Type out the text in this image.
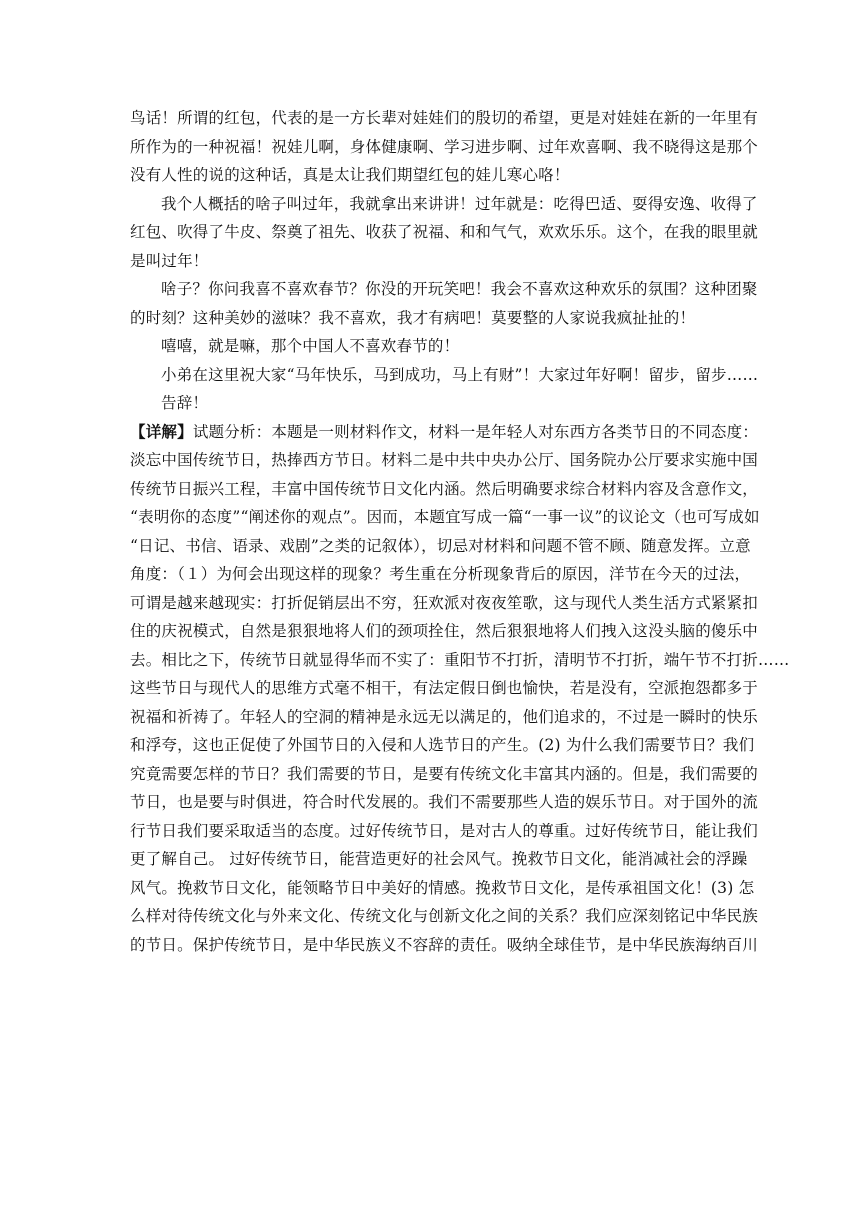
鸟话！所谓的红包，代表的是一方长辈对娃娃们的殷切的希望，更是对娃娃在新的一年里有
所作为的一种祝福！祝娃儿啊，身体健康啊、学习进步啊、过年欢喜啊、我不晓得这是那个
没有人性的说的这种话，真是太让我们期望红包的娃儿寒心咯！
我个人概括的啥子叫过年，我就拿出来讲讲！过年就是：吃得巴适、耍得安逸、收得了
红包、吹得了牛皮、祭奠了祖先、收获了祝福、和和气气，欢欢乐乐。这个，在我的眼里就
是叫过年！
啥子？你问我喜不喜欢春节？你没的开玩笑吧！我会不喜欢这种欢乐的氛围？这种团聚
的时刻？这种美妙的滋味？我不喜欢，我才有病吧！莫要整的人家说我疯扯扯的！
嘻嘻，就是嘛，那个中国人不喜欢春节的！
小弟在这里祝大家“马年快乐，马到成功，马上有财”！大家过年好啊！留步，留步……
告辞！
【详解】试题分析：本题是一则材料作文，材料一是年轻人对东西方各类节日的不同态度：
淡忘中国传统节日，热捧西方节日。材料二是中共中央办公厅、国务院办公厅要求实施中国
传统节日振兴工程，丰富中国传统节日文化内涵。然后明确要求综合材料内容及含意作文，
“表明你的态度”“阐述你的观点”。因而，本题宜写成一篇“一事一议”的议论文（也可写成如
“日记、书信、语录、戏剧”之类的记叙体），切忌对材料和问题不管不顾、随意发挥。立意
角度：（１）为何会出现这样的现象？考生重在分析现象背后的原因，洋节在今天的过法，
可谓是越来越现实：打折促销层出不穷，狂欢派对夜夜笙歌，这与现代人类生活方式紧紧扣
住的庆祝模式，自然是狠狠地将人们的颈项拴住，然后狠狠地将人们拽入这没头脑的傻乐中
去。相比之下，传统节日就显得华而不实了：重阳节不打折，清明节不打折，端午节不打折……
这些节日与现代人的思维方式毫不相干，有法定假日倒也愉快，若是没有，空派抱怨都多于
祝福和祈祷了。年轻人的空洞的精神是永远无以满足的，他们追求的，不过是一瞬时的快乐
和浮夸，这也正促使了外国节日的入侵和人选节日的产生。(2) 为什么我们需要节日？我们
究竟需要怎样的节日？我们需要的节日，是要有传统文化丰富其内涵的。但是，我们需要的
节日，也是要与时俱进，符合时代发展的。我们不需要那些人造的娱乐节日。对于国外的流
行节日我们要采取适当的态度。过好传统节日，是对古人的尊重。过好传统节日，能让我们
更了解自己。 过好传统节日，能营造更好的社会风气。挽救节日文化，能消减社会的浮躁
风气。挽救节日文化，能领略节日中美好的情感。挽救节日文化，是传承祖国文化！(3) 怎
么样对待传统文化与外来文化、传统文化与创新文化之间的关系？我们应深刻铭记中华民族
的节日。保护传统节日，是中华民族义不容辞的责任。吸纳全球佳节，是中华民族海纳百川
